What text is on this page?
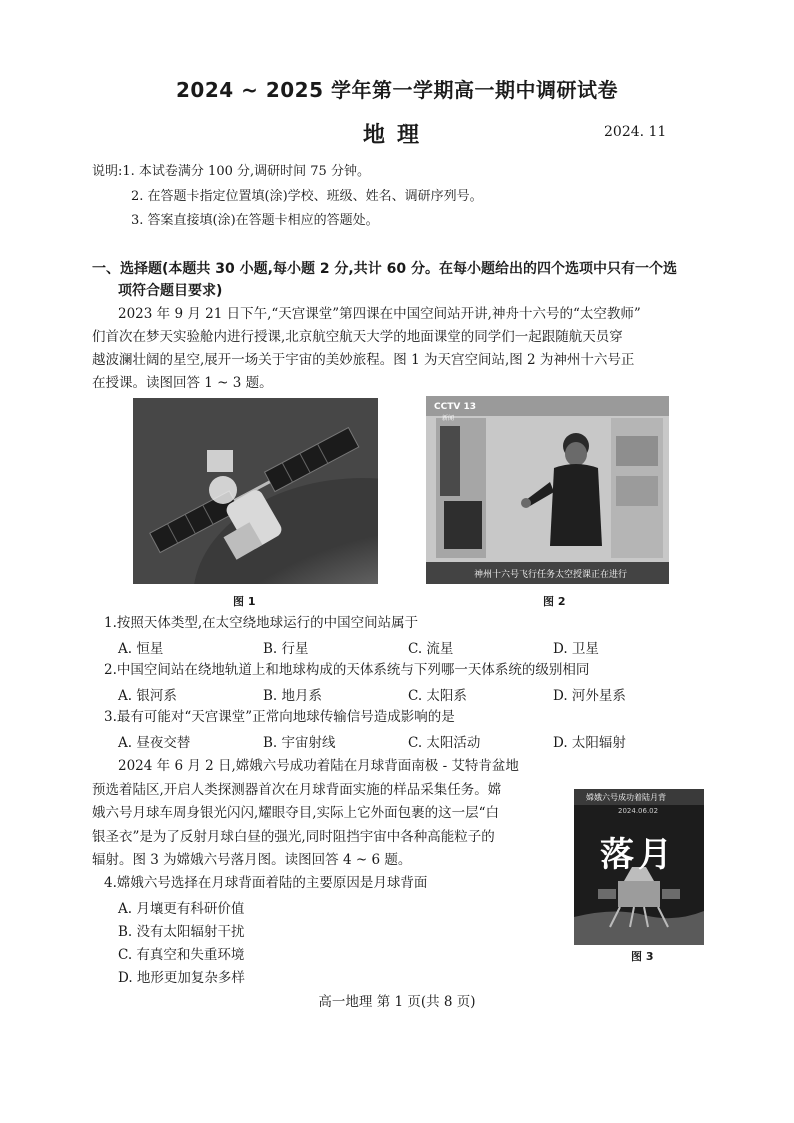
2024 ~ 2025 学年第一学期高一期中调研试卷
地理	2024. 11
说明:1. 本试卷满分 100 分,调研时间 75 分钟。
2. 在答题卡指定位置填(涂)学校、班级、姓名、调研序列号。
3. 答案直接填(涂)在答题卡相应的答题处。
一、选择题(本题共 30 小题,每小题 2 分,共计 60 分。在每小题给出的四个选项中只有一个选
项符合题目要求)
2023 年 9 月 21 日下午,“天宫课堂”第四课在中国空间站开讲,神舟十六号的“太空教师”
们首次在梦天实验舱内进行授课,北京航空航天大学的地面课堂的同学们一起跟随航天员穿
越波澜壮阔的星空,展开一场关于宇宙的美妙旅程。图 1 为天宫空间站,图 2 为神州十六号正
在授课。读图回答 1 ~ 3 题。
图 1
CCTV 13
新闻
神州十六号飞行任务太空授课正在进行
图 2
1.按照天体类型,在太空绕地球运行的中国空间站属于
A. 恒星	B. 行星	C. 流星	D. 卫星
2.中国空间站在绕地轨道上和地球构成的天体系统与下列哪一天体系统的级别相同
A. 银河系	B. 地月系	C. 太阳系	D. 河外星系
3.最有可能对“天宫课堂”正常向地球传输信号造成影响的是
A. 昼夜交替	B. 宇宙射线	C. 太阳活动	D. 太阳辐射
2024 年 6 月 2 日,嫦娥六号成功着陆在月球背面南极 - 艾特肯盆地
预选着陆区,开启人类探测器首次在月球背面实施的样品采集任务。嫦
娥六号月球车周身银光闪闪,耀眼夺目,实际上它外面包裹的这一层“白
银圣衣”是为了反射月球白昼的强光,同时阻挡宇宙中各种高能粒子的
辐射。图 3 为嫦娥六号落月图。读图回答 4 ~ 6 题。
嫦娥六号成功着陆月背
2024.06.02
落月
图 3
4.嫦娥六号选择在月球背面着陆的主要原因是月球背面
A. 月壤更有科研价值
B. 没有太阳辐射干扰
C. 有真空和失重环境
D. 地形更加复杂多样
高一地理 第 1 页(共 8 页)
